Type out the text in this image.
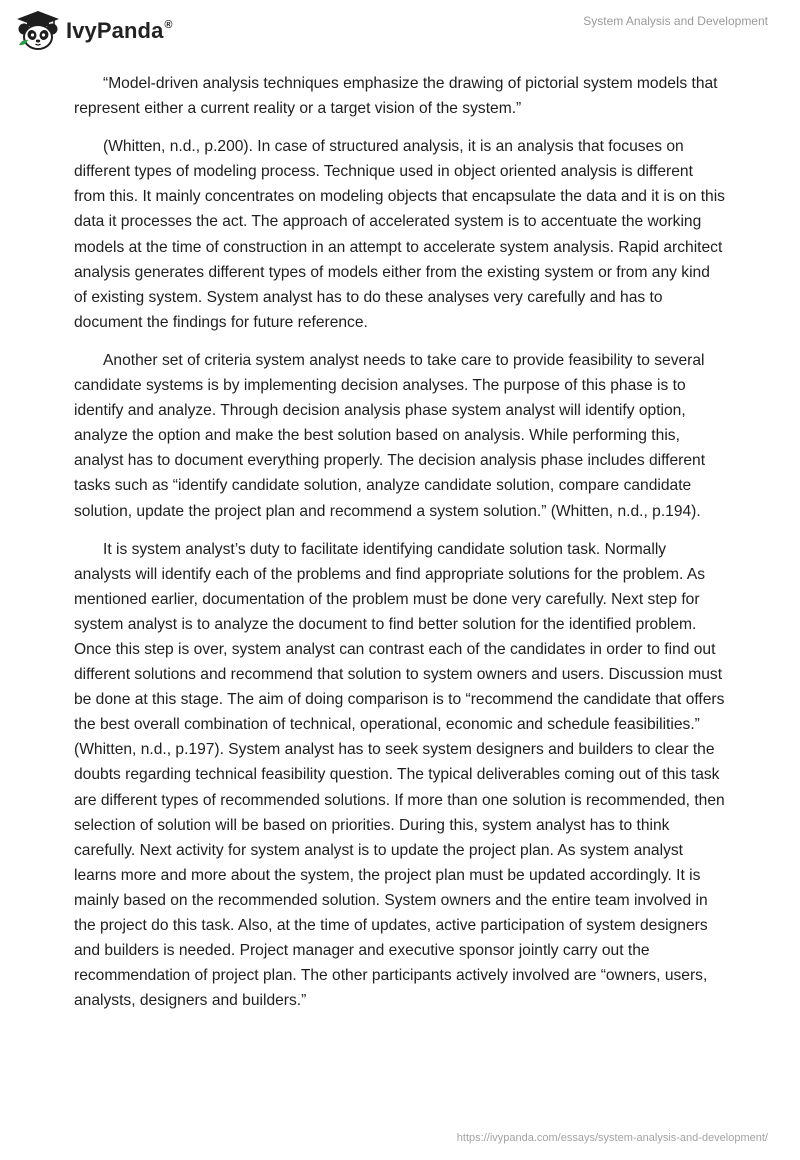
IvyPanda®	System Analysis and Development

“Model-driven analysis techniques emphasize the drawing of pictorial system models that represent either a current reality or a target vision of the system.”

(Whitten, n.d., p.200). In case of structured analysis, it is an analysis that focuses on different types of modeling process. Technique used in object oriented analysis is different from this. It mainly concentrates on modeling objects that encapsulate the data and it is on this data it processes the act. The approach of accelerated system is to accentuate the working models at the time of construction in an attempt to accelerate system analysis. Rapid architect analysis generates different types of models either from the existing system or from any kind of existing system. System analyst has to do these analyses very carefully and has to document the findings for future reference.

Another set of criteria system analyst needs to take care to provide feasibility to several candidate systems is by implementing decision analyses. The purpose of this phase is to identify and analyze. Through decision analysis phase system analyst will identify option, analyze the option and make the best solution based on analysis. While performing this, analyst has to document everything properly. The decision analysis phase includes different tasks such as “identify candidate solution, analyze candidate solution, compare candidate solution, update the project plan and recommend a system solution.” (Whitten, n.d., p.194).

It is system analyst’s duty to facilitate identifying candidate solution task. Normally analysts will identify each of the problems and find appropriate solutions for the problem. As mentioned earlier, documentation of the problem must be done very carefully. Next step for system analyst is to analyze the document to find better solution for the identified problem. Once this step is over, system analyst can contrast each of the candidates in order to find out different solutions and recommend that solution to system owners and users. Discussion must be done at this stage. The aim of doing comparison is to “recommend the candidate that offers the best overall combination of technical, operational, economic and schedule feasibilities.” (Whitten, n.d., p.197). System analyst has to seek system designers and builders to clear the doubts regarding technical feasibility question. The typical deliverables coming out of this task are different types of recommended solutions. If more than one solution is recommended, then selection of solution will be based on priorities. During this, system analyst has to think carefully. Next activity for system analyst is to update the project plan. As system analyst learns more and more about the system, the project plan must be updated accordingly. It is mainly based on the recommended solution. System owners and the entire team involved in the project do this task. Also, at the time of updates, active participation of system designers and builders is needed. Project manager and executive sponsor jointly carry out the recommendation of project plan. The other participants actively involved are “owners, users, analysts, designers and builders.”

https://ivypanda.com/essays/system-analysis-and-development/
